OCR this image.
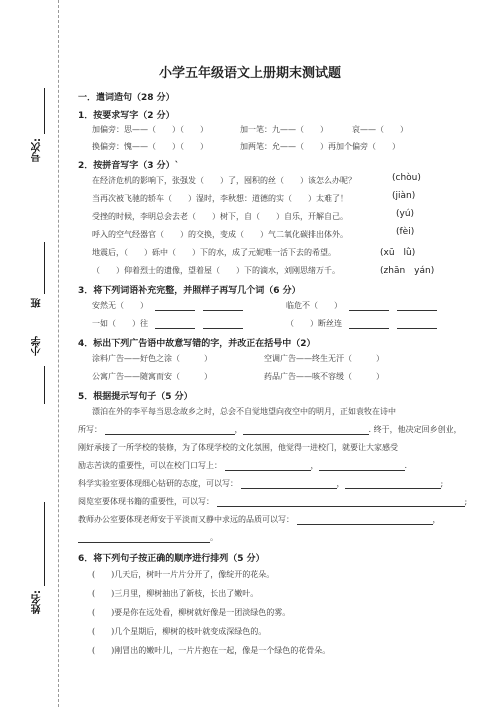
号次:
班
小学
姓名:
小学五年级语文上册期末测试题
一．遣词造句（28 分）
1．按要求写字（2 分）
加偏旁：思——（　　）（　　）	加一笔：九——（　　）	哀——（　　）
换偏旁：愧——（　　）（　　）	加两笔：允——（　　）再加个偏旁（　　）
2．按拼音写字（3 分）`
在经济危机的影响下，张强发（　　）了，囤积的丝（　　）该怎么办呢？	(chòu)
当再次被飞驰的轿车（　　）湿时，李秋想：道德的实（　　）太难了！	(jiàn)
受挫的时候，李明总会去老（　　）树下，自（　　）自乐，开解自己。	(yú)
呼入的空气经器官（　　）的交换，变成（　　）气二氧化碳排出体外。	(fèi)
地震后，（　　）砾中（　　）下的水，成了元妮唯一活下去的希望。	(xū　lǜ)
（　　）仰着烈士的遗像，望着屋（　　）下的滴水，刘刚思绪万千。	(zhān　yán)
3．将下列词语补充完整，并照样子再写几个词（6 分）
安然无（　　）	临危不（　　）
一如（　　）往	（　　）断丝连
4．标出下列广告语中故意写错的字，并改正在括号中（2）
涂料广告——好色之涂（　　　）	空调广告——终生无汗（　　　）
公寓广告——随寓而安（　　　）	药品广告——咳不容缓（　　　）
5．根据提示写句子（5 分）
漂泊在外的李平每当思念故乡之时，总会不自觉地望向夜空中的明月，正如袁牧在诗中
所写：	，	. 终于，他决定回乡创业，
刚好承接了一所学校的装修，为了体现学校的文化氛围，他觉得一进校门，就要让大家感受
励志苦读的重要性，可以在校门口写上：	，	.
科学实验室要体现细心钻研的态度，可以写：	，	;
阅览室要体现书籍的重要性，可以写：	;
教师办公室要体现老师安于平淡而又静中求远的品质可以写：	，
。
6．将下列句子按正确的顺序进行排列（5 分）
(　　)几天后，树叶一片片分开了，像绽开的花朵。
(　　)三月里，柳树抽出了新枝，长出了嫩叶。
(　　)要是你在远处看，柳树就好像是一团淡绿色的雾。
(　　)几个星期后，柳树的枝叶就变成深绿色的。
(　　)刚冒出的嫩叶儿，一片片抱在一起，像是一个绿色的花骨朵。
